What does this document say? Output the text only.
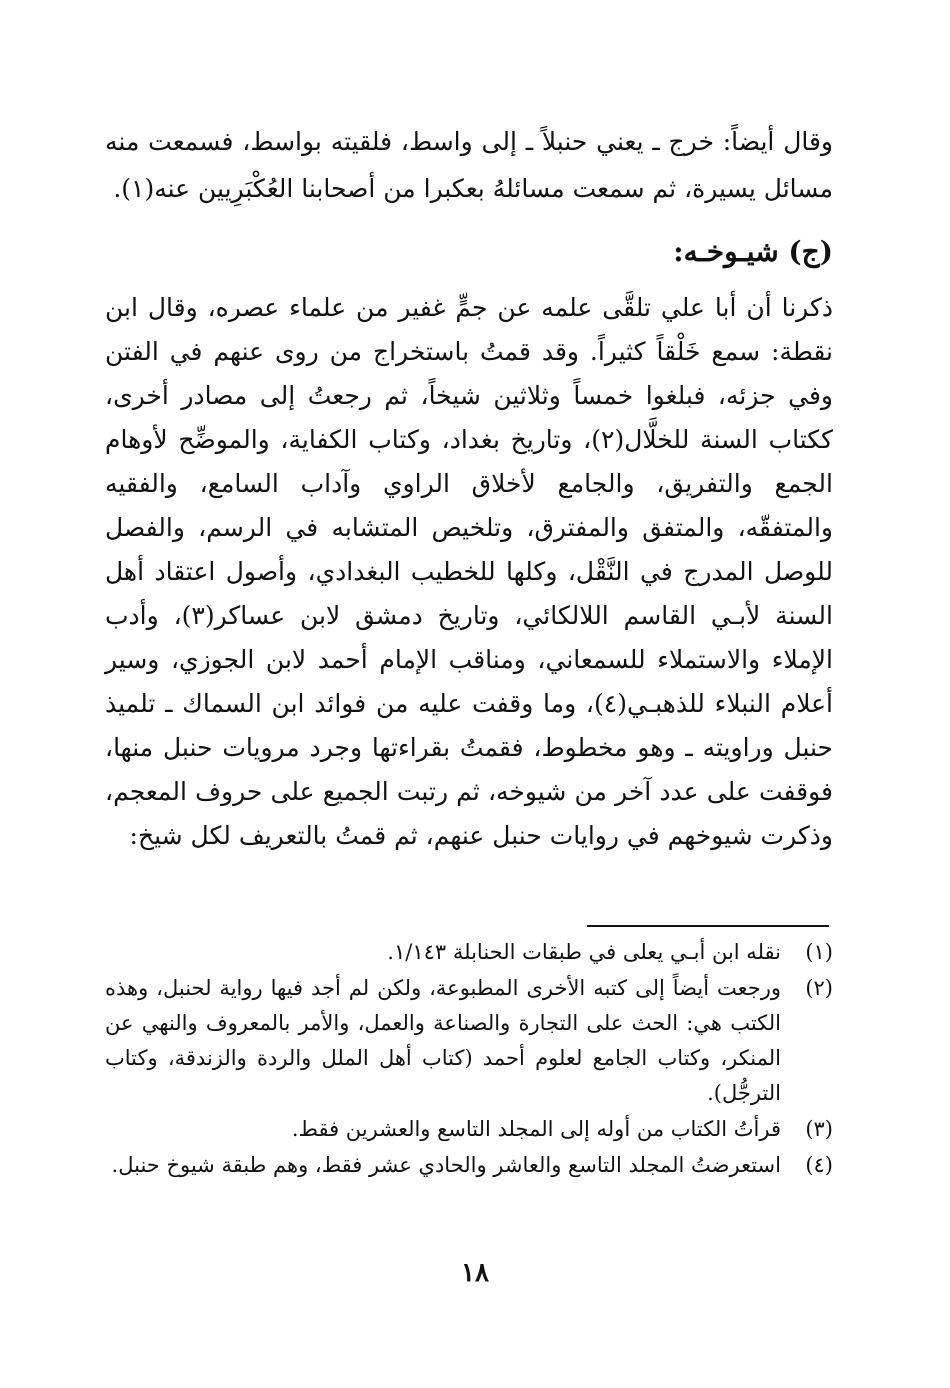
وقال أيضاً: خرج ـ يعني حنبلاً ـ إلى واسط، فلقيته بواسط، فسمعت منه مسائل يسيرة، ثم سمعت مسائلهُ بعكبرا من أصحابنا العُكْبَرِيين عنه(١).

(ج) شيـوخـه:

ذكرنا أن أبا علي تلقَّى علمه عن جمٍّ غفير من علماء عصره، وقال ابن نقطة: سمع خَلْقاً كثيراً. وقد قمتُ باستخراج من روى عنهم في الفتن وفي جزئه، فبلغوا خمساً وثلاثين شيخاً، ثم رجعتُ إلى مصادر أخرى، ككتاب السنة للخلَّال(٢)، وتاريخ بغداد، وكتاب الكفاية، والموضِّح لأوهام الجمع والتفريق، والجامع لأخلاق الراوي وآداب السامع، والفقيه والمتفقّه، والمتفق والمفترق، وتلخيص المتشابه في الرسم، والفصل للوصل المدرج في النَّقْل، وكلها للخطيب البغدادي، وأصول اعتقاد أهل السنة لأبـي القاسم اللالكائي، وتاريخ دمشق لابن عساكر(٣)، وأدب الإملاء والاستملاء للسمعاني، ومناقب الإمام أحمد لابن الجوزي، وسير أعلام النبلاء للذهبـي(٤)، وما وقفت عليه من فوائد ابن السماك ـ تلميذ حنبل وراويته ـ وهو مخطوط، فقمتُ بقراءتها وجرد مرويات حنبل منها، فوقفت على عدد آخر من شيوخه، ثم رتبت الجميع على حروف المعجم، وذكرت شيوخهم في روايات حنبل عنهم، ثم قمتُ بالتعريف لكل شيخ:

(١)
نقله ابن أبـي يعلى في طبقات الحنابلة ١/١٤٣.
(٢)
ورجعت أيضاً إلى كتبه الأخرى المطبوعة، ولكن لم أجد فيها رواية لحنبل، وهذه الكتب هي: الحث على التجارة والصناعة والعمل، والأمر بالمعروف والنهي عن المنكر، وكتاب الجامع لعلوم أحمد (كتاب أهل الملل والردة والزندقة، وكتاب الترجُّل).
(٣)
قرأتُ الكتاب من أوله إلى المجلد التاسع والعشرين فقط.
(٤)
استعرضتُ المجلد التاسع والعاشر والحادي عشر فقط، وهم طبقة شيوخ حنبل.
١٨
